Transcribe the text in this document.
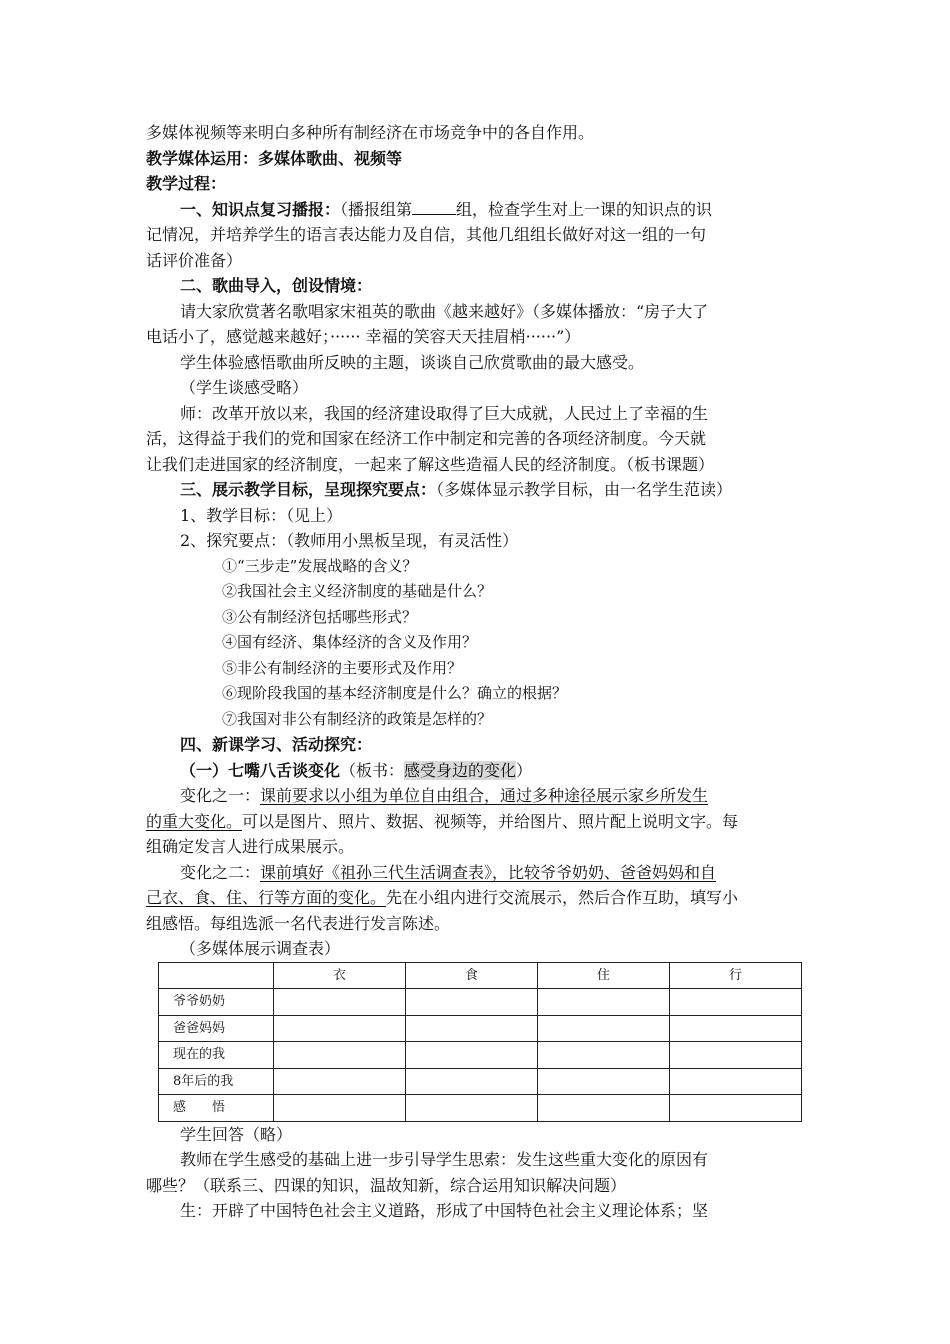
多媒体视频等来明白多种所有制经济在市场竞争中的各自作用。
教学媒体运用：多媒体歌曲、视频等
教学过程：
一、知识点复习播报：（播报组第	组，检查学生对上一课的知识点的识
记情况，并培养学生的语言表达能力及自信，其他几组组长做好对这一组的一句
话评价准备）
二、歌曲导入，创设情境：
请大家欣赏著名歌唱家宋祖英的歌曲《越来越好》（多媒体播放：“房子大了
电话小了，感觉越来越好；······ 幸福的笑容天天挂眉梢······”）
学生体验感悟歌曲所反映的主题，谈谈自己欣赏歌曲的最大感受。
（学生谈感受略）
师：改革开放以来，我国的经济建设取得了巨大成就，人民过上了幸福的生
活，这得益于我们的党和国家在经济工作中制定和完善的各项经济制度。今天就
让我们走进国家的经济制度，一起来了解这些造福人民的经济制度。（板书课题）
三、展示教学目标，呈现探究要点：（多媒体显示教学目标，由一名学生范读）
1、教学目标：（见上）
2、探究要点：（教师用小黑板呈现，有灵活性）
①“三步走”发展战略的含义？
②我国社会主义经济制度的基础是什么？
③公有制经济包括哪些形式？
④国有经济、集体经济的含义及作用？
⑤非公有制经济的主要形式及作用？
⑥现阶段我国的基本经济制度是什么？确立的根据？
⑦我国对非公有制经济的政策是怎样的？
四、新课学习、活动探究：
（一）七嘴八舌谈变化（板书：感受身边的变化）
变化之一：课前要求以小组为单位自由组合，通过多种途径展示家乡所发生
的重大变化。可以是图片、照片、数据、视频等，并给图片、照片配上说明文字。每
组确定发言人进行成果展示。
变化之二：课前填好《祖孙三代生活调查表》，比较爷爷奶奶、爸爸妈妈和自
己衣、食、住、行等方面的变化。先在小组内进行交流展示，然后合作互助，填写小
组感悟。每组选派一名代表进行发言陈述。
（多媒体展示调查表）
	衣	食	住	行
爷爷奶奶				
爸爸妈妈				
现在的我				
8年后的我				
感　　悟				
学生回答（略）
教师在学生感受的基础上进一步引导学生思索：发生这些重大变化的原因有
哪些？（联系三、四课的知识，温故知新，综合运用知识解决问题）
生：开辟了中国特色社会主义道路，形成了中国特色社会主义理论体系；坚
